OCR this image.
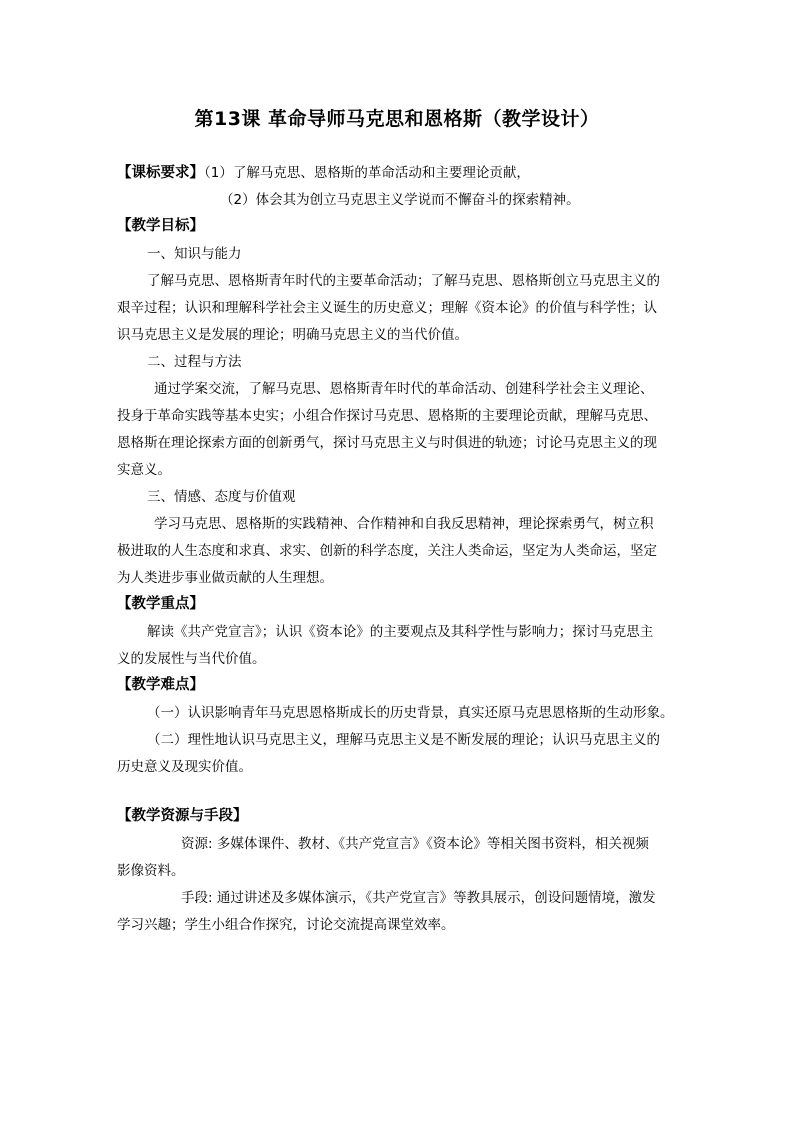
第13课 革命导师马克思和恩格斯（教学设计）
【课标要求】（1）了解马克思、恩格斯的革命活动和主要理论贡献，
（2）体会其为创立马克思主义学说而不懈奋斗的探索精神。
【教学目标】
一、知识与能力
了解马克思、恩格斯青年时代的主要革命活动；了解马克思、恩格斯创立马克思主义的
艰辛过程；认识和理解科学社会主义诞生的历史意义；理解《资本论》的价值与科学性；认
识马克思主义是发展的理论；明确马克思主义的当代价值。
二、过程与方法
通过学案交流，了解马克思、恩格斯青年时代的革命活动、创建科学社会主义理论、
投身于革命实践等基本史实；小组合作探讨马克思、恩格斯的主要理论贡献，理解马克思、
恩格斯在理论探索方面的创新勇气，探讨马克思主义与时俱进的轨迹；讨论马克思主义的现
实意义。
三、情感、态度与价值观
学习马克思、恩格斯的实践精神、合作精神和自我反思精神，理论探索勇气，树立积
极进取的人生态度和求真、求实、创新的科学态度，关注人类命运，坚定为人类命运，坚定
为人类进步事业做贡献的人生理想。
【教学重点】
解读《共产党宣言》；认识《资本论》的主要观点及其科学性与影响力；探讨马克思主
义的发展性与当代价值。
【教学难点】
（一）认识影响青年马克思恩格斯成长的历史背景，真实还原马克思恩格斯的生动形象。
（二）理性地认识马克思主义，理解马克思主义是不断发展的理论；认识马克思主义的
历史意义及现实价值。
【教学资源与手段】
资源: 多媒体课件、教材、《共产党宣言》《资本论》等相关图书资料，相关视频
影像资料。
手段: 通过讲述及多媒体演示，《共产党宣言》等教具展示，创设问题情境，激发
学习兴趣；学生小组合作探究，讨论交流提高课堂效率。
